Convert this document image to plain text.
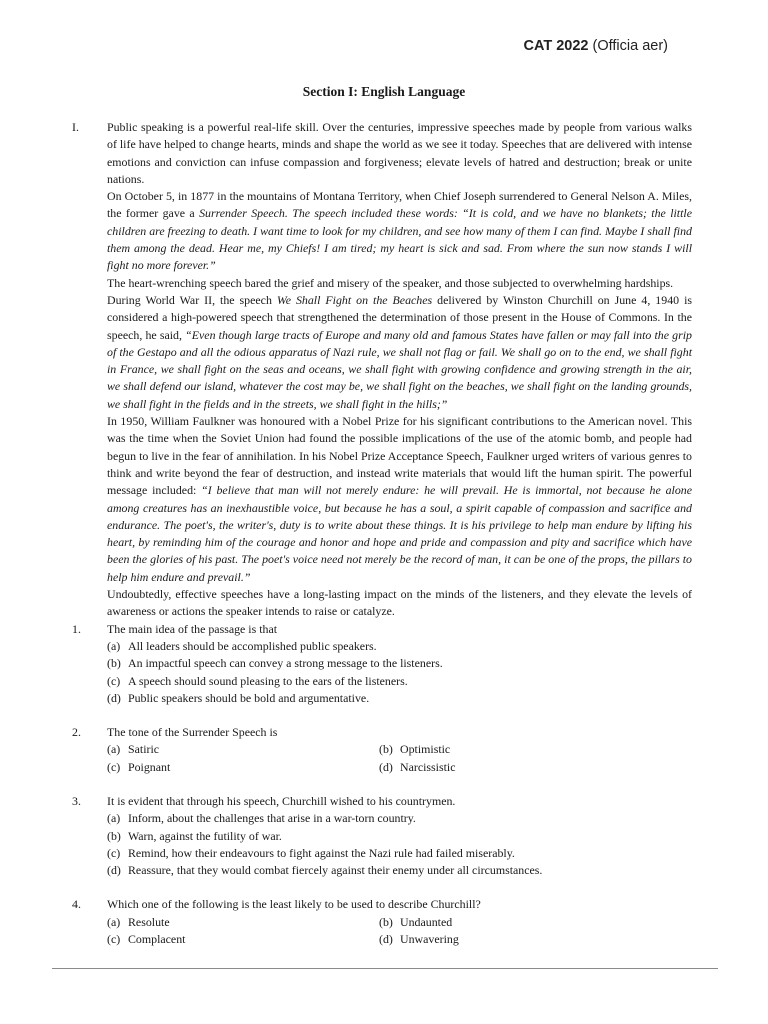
CAT 2022 (Officia aer)
Section I: English Language
I. Public speaking is a powerful real-life skill. Over the centuries, impressive speeches made by people from various walks of life have helped to change hearts, minds and shape the world as we see it today. Speeches that are delivered with intense emotions and conviction can infuse compassion and forgiveness; elevate levels of hatred and destruction; break or unite nations.

On October 5, in 1877 in the mountains of Montana Territory, when Chief Joseph surrendered to General Nelson A. Miles, the former gave a Surrender Speech. The speech included these words: “It is cold, and we have no blankets; the little children are freezing to death. I want time to look for my children, and see how many of them I can find. Maybe I shall find them among the dead. Hear me, my Chiefs! I am tired; my heart is sick and sad. From where the sun now stands I will fight no more forever.”

The heart-wrenching speech bared the grief and misery of the speaker, and those subjected to overwhelming hardships.

During World War II, the speech We Shall Fight on the Beaches delivered by Winston Churchill on June 4, 1940 is considered a high-powered speech that strengthened the determination of those present in the House of Commons. In the speech, he said, “Even though large tracts of Europe and many old and famous States have fallen or may fall into the grip of the Gestapo and all the odious apparatus of Nazi rule, we shall not flag or fail. We shall go on to the end, we shall fight in France, we shall fight on the seas and oceans, we shall fight with growing confidence and growing strength in the air, we shall defend our island, whatever the cost may be, we shall fight on the beaches, we shall fight on the landing grounds, we shall fight in the fields and in the streets, we shall fight in the hills;”

In 1950, William Faulkner was honoured with a Nobel Prize for his significant contributions to the American novel. This was the time when the Soviet Union had found the possible implications of the use of the atomic bomb, and people had begun to live in the fear of annihilation. In his Nobel Prize Acceptance Speech, Faulkner urged writers of various genres to think and write beyond the fear of destruction, and instead write materials that would lift the human spirit. The powerful message included: “I believe that man will not merely endure: he will prevail. He is immortal, not because he alone among creatures has an inexhaustible voice, but because he has a soul, a spirit capable of compassion and sacrifice and endurance. The poet's, the writer's, duty is to write about these things. It is his privilege to help man endure by lifting his heart, by reminding him of the courage and honor and hope and pride and compassion and pity and sacrifice which have been the glories of his past. The poet's voice need not merely be the record of man, it can be one of the props, the pillars to help him endure and prevail.”

Undoubtedly, effective speeches have a long-lasting impact on the minds of the listeners, and they elevate the levels of awareness or actions the speaker intends to raise or catalyze.

1. The main idea of the passage is that
(a) All leaders should be accomplished public speakers.
(b) An impactful speech can convey a strong message to the listeners.
(c) A speech should sound pleasing to the ears of the listeners.
(d) Public speakers should be bold and argumentative.
2. The tone of the Surrender Speech is
(a) Satiric	(b) Optimistic
(c) Poignant	(d) Narcissistic
3. It is evident that through his speech, Churchill wished to his countrymen.
(a) Inform, about the challenges that arise in a war-torn country.
(b) Warn, against the futility of war.
(c) Remind, how their endeavours to fight against the Nazi rule had failed miserably.
(d) Reassure, that they would combat fiercely against their enemy under all circumstances.
4. Which one of the following is the least likely to be used to describe Churchill?
(a) Resolute	(b) Undaunted
(c) Complacent	(d) Unwavering
